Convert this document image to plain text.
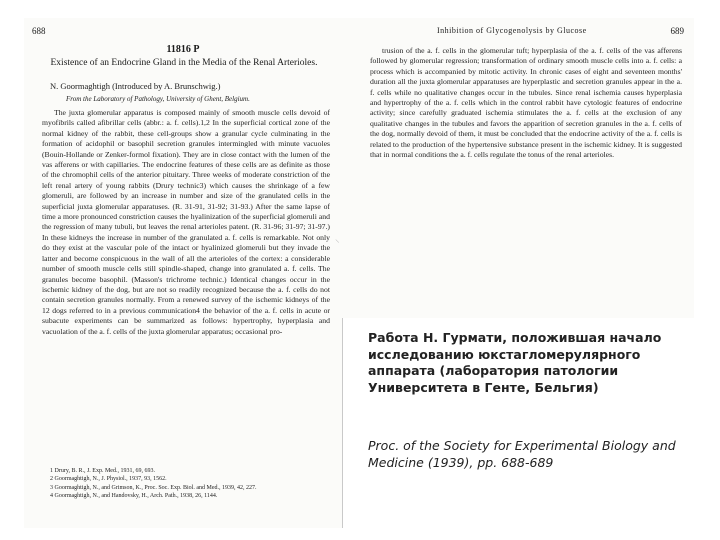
688
11816 P
Existence of an Endocrine Gland in the Media of the Renal Arterioles.
N. Goormaghtigh (Introduced by A. Brunschwig.)
From the Laboratory of Pathology, University of Ghent, Belgium.

The juxta glomerular apparatus is composed mainly of smooth muscle cells devoid of myofibrils called afibrillar cells (abbr.: a. f. cells).1,2 In the superficial cortical zone of the normal kidney of the rabbit, these cell-groups show a granular cycle culminating in the formation of acidophil or basophil secretion granules intermingled with minute vacuoles (Bouin-Hollande or Zenker-formol fixation). They are in close contact with the lumen of the vas afferens or with capillaries. The endocrine features of these cells are as definite as those of the chromophil cells of the anterior pituitary. Three weeks of moderate constriction of the left renal artery of young rabbits (Drury technic3) which causes the shrinkage of a few glomeruli, are followed by an increase in number and size of the granulated cells in the superficial juxta glomerular apparatuses. (R. 31-91, 31-92; 31-93.) After the same lapse of time a more pronounced constriction causes the hyalinization of the superficial glomeruli and the regression of many tubuli, but leaves the renal arterioles patent. (R. 31-96; 31-97; 31-97.) In these kidneys the increase in number of the granulated a. f. cells is remarkable. Not only do they exist at the vascular pole of the intact or hyalinized glomeruli but they invade the latter and become conspicuous in the wall of all the arterioles of the cortex: a considerable number of smooth muscle cells still spindle-shaped, change into granulated a. f. cells. The granules become basophil. (Masson's trichrome technic.) Identical changes occur in the ischemic kidney of the dog, but are not so readily recognized because the a. f. cells do not contain secretion granules normally. From a renewed survey of the ischemic kidneys of the 12 dogs referred to in a previous communication4 the behavior of the a. f. cells in acute or subacute experiments can be summarized as follows: hypertrophy, hyperplasia and vacuolation of the a. f. cells of the juxta glomerular apparatus; occasional pro-

1 Drury, B. R., J. Exp. Med., 1931, 69, 693.
2 Goormaghtigh, N., J. Physiol., 1937, 93, 1562.
3 Goormaghtigh, N., and Grimson, K., Proc. Soc. Exp. Biol. and Med., 1939, 42, 227.
4 Goormaghtigh, N., and Handovsky, H., Arch. Path., 1938, 26, 1144.
Inhibition of Glycogenolysis by Glucose	689

trusion of the a. f. cells in the glomerular tuft; hyperplasia of the a. f. cells of the vas afferens followed by glomerular regression; transformation of ordinary smooth muscle cells into a. f. cells: a process which is accompanied by mitotic activity. In chronic cases of eight and seventeen months' duration all the juxta glomerular apparatuses are hyperplastic and secretion granules appear in the a. f. cells while no qualitative changes occur in the tubules. Since renal ischemia causes hyperplasia and hypertrophy of the a. f. cells which in the control rabbit have cytologic features of endocrine activity; since carefully graduated ischemia stimulates the a. f. cells at the exclusion of any qualitative changes in the tubules and favors the apparition of secretion granules in the a. f. cells of the dog, normally devoid of them, it must be concluded that the endocrine activity of the a. f. cells is related to the production of the hypertensive substance present in the ischemic kidney. It is suggested that in normal conditions the a. f. cells regulate the tonus of the renal arterioles.

⸜
Работа Н. Гурмати, положившая начало исследованию юкстагломерулярного аппарата (лаборатория патологии Университета в Генте, Бельгия)
Proc. of the Society for Experimental Biology and Medicine (1939), pp. 688-689
